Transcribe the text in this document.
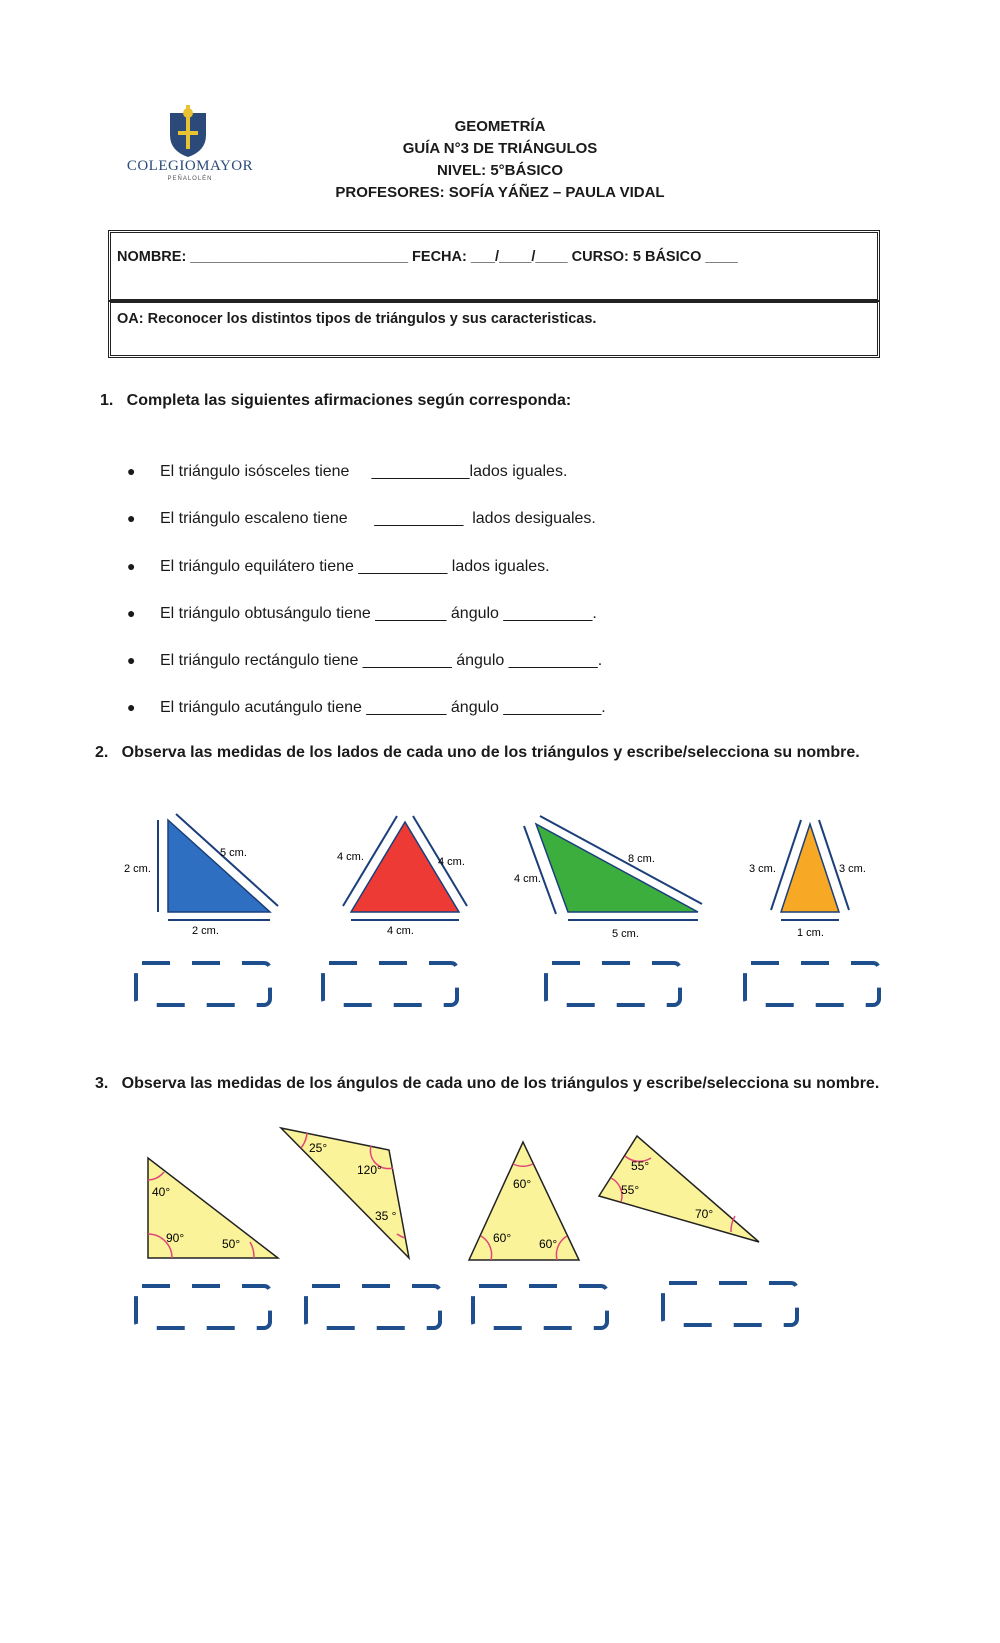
COLEGIOMAYOR
PEÑALOLÉN
GEOMETRÍA
GUÍA N°3 DE TRIÁNGULOS
NIVEL: 5°BÁSICO
PROFESORES: SOFÍA YÁÑEZ – PAULA VIDAL
NOMBRE: ___________________________ FECHA: ___/____/____ CURSO: 5 BÁSICO ____
OA: Reconocer los distintos tipos de triángulos y sus caracteristicas.
1.   Completa las siguientes afirmaciones según corresponda:
● El triángulo isósceles tiene     ___________lados iguales.
● El triángulo escaleno tiene      __________  lados desiguales.
● El triángulo equilátero tiene __________ lados iguales.
● El triángulo obtusángulo tiene ________ ángulo __________.
● El triángulo rectángulo tiene __________ ángulo __________.
● El triángulo acutángulo tiene _________ ángulo ___________.
2.   Observa las medidas de los lados de cada uno de los triángulos y escribe/selecciona su nombre.
2 cm.
5 cm.
2 cm.
4 cm.	4 cm.
4 cm.
4 cm.
8 cm.
5 cm.
3 cm.	3 cm.
1 cm.
3.   Observa las medidas de los ángulos de cada uno de los triángulos y escribe/selecciona su nombre.
40°
90°	50°
25°
120°
35 °
60°
60° 60°
55°
55°
70°
